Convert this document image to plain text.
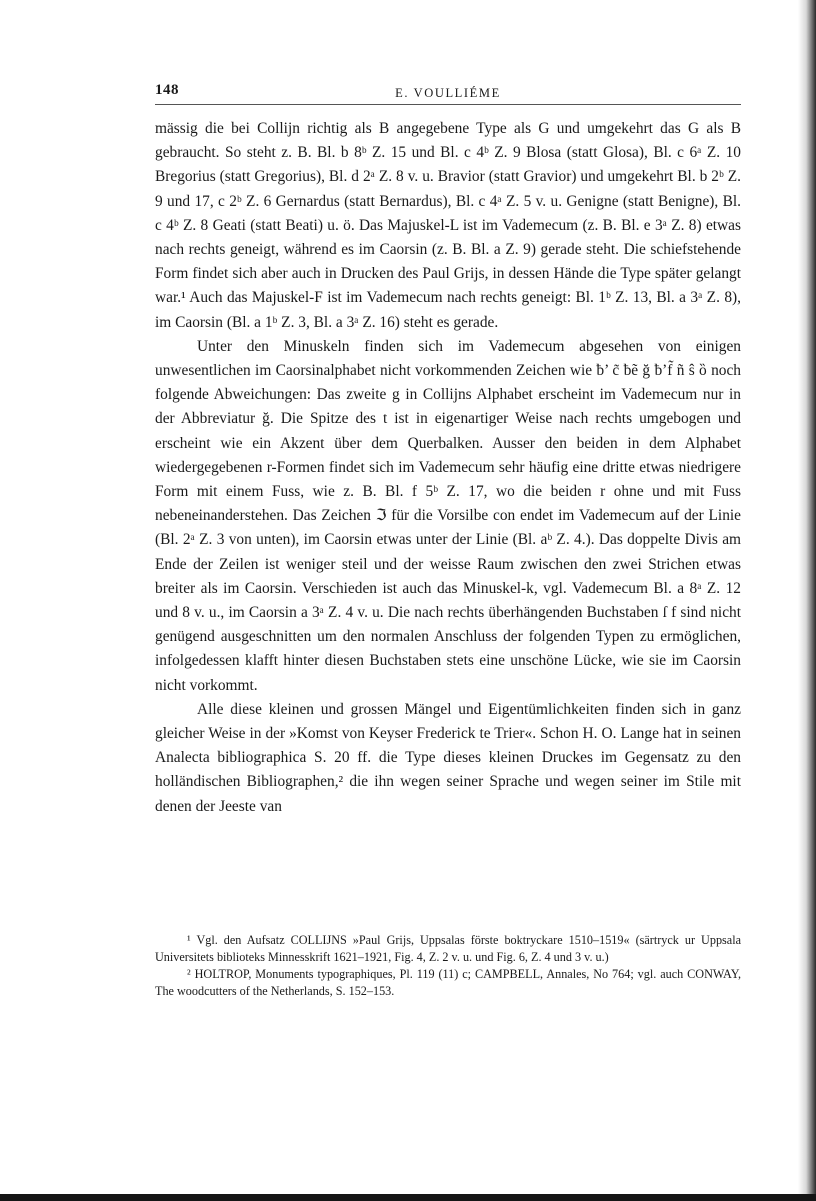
148	E. VOULLIÉME

mässig die bei Collijn richtig als B angegebene Type als G und umgekehrt das G als B gebraucht. So steht z. B. Bl. b 8ᵇ Z. 15 und Bl. c 4ᵇ Z. 9 Blosa (statt Glosa), Bl. c 6ᵃ Z. 10 Bregorius (statt Gregorius), Bl. d 2ᵃ Z. 8 v. u. Bravior (statt Gravior) und umgekehrt Bl. b 2ᵇ Z. 9 und 17, c 2ᵇ Z. 6 Gernardus (statt Bernardus), Bl. c 4ᵃ Z. 5 v. u. Genigne (statt Benigne), Bl. c 4ᵇ Z. 8 Geati (statt Beati) u. ö. Das Majuskel-L ist im Vademecum (z. B. Bl. e 3ᵃ Z. 8) etwas nach rechts geneigt, während es im Caorsin (z. B. Bl. a Z. 9) gerade steht. Die schiefstehende Form findet sich aber auch in Drucken des Paul Grijs, in dessen Hände die Type später gelangt war.¹ Auch das Majuskel-F ist im Vademecum nach rechts geneigt: Bl. 1ᵇ Z. 13, Bl. a 3ᵃ Z. 8), im Caorsin (Bl. a 1ᵇ Z. 3, Bl. a 3ᵃ Z. 16) steht es gerade.

Unter den Minuskeln finden sich im Vademecum abgesehen von einigen unwesentlichen im Caorsinalphabet nicht vorkommenden Zeichen wie ƀ’ c̃ ƀẽ ğ ƀ’f̃ ñ ŝ ȍ noch folgende Abweichungen: Das zweite g in Collijns Alphabet erscheint im Vademecum nur in der Abbreviatur ğ. Die Spitze des t ist in eigenartiger Weise nach rechts umgebogen und erscheint wie ein Akzent über dem Querbalken. Ausser den beiden in dem Alphabet wiedergegebenen r-Formen findet sich im Vademecum sehr häufig eine dritte etwas niedrigere Form mit einem Fuss, wie z. B. Bl. f 5ᵇ Z. 17, wo die beiden r ohne und mit Fuss nebeneinanderstehen. Das Zeichen ℑ für die Vorsilbe con endet im Vademecum auf der Linie (Bl. 2ᵃ Z. 3 von unten), im Caorsin etwas unter der Linie (Bl. aᵇ Z. 4.). Das doppelte Divis am Ende der Zeilen ist weniger steil und der weisse Raum zwischen den zwei Strichen etwas breiter als im Caorsin. Verschieden ist auch das Minuskel-k, vgl. Vademecum Bl. a 8ᵃ Z. 12 und 8 v. u., im Caorsin a 3ᵃ Z. 4 v. u. Die nach rechts überhängenden Buchstaben ſ f sind nicht genügend ausgeschnitten um den normalen Anschluss der folgenden Typen zu ermöglichen, infolgedessen klafft hinter diesen Buchstaben stets eine unschöne Lücke, wie sie im Caorsin nicht vorkommt.

Alle diese kleinen und grossen Mängel und Eigentümlichkeiten finden sich in ganz gleicher Weise in der »Komst von Keyser Frederick te Trier«. Schon H. O. Lange hat in seinen Analecta bibliographica S. 20 ff. die Type dieses kleinen Druckes im Gegensatz zu den holländischen Bibliographen,² die ihn wegen seiner Sprache und wegen seiner im Stile mit denen der Jeeste van

¹ Vgl. den Aufsatz COLLIJNS »Paul Grijs, Uppsalas förste boktryckare 1510–1519« (särtryck ur Uppsala Universitets biblioteks Minnesskrift 1621–1921, Fig. 4, Z. 2 v. u. und Fig. 6, Z. 4 und 3 v. u.)

² HOLTROP, Monuments typographiques, Pl. 119 (11) c; CAMPBELL, Annales, No 764; vgl. auch CONWAY, The woodcutters of the Netherlands, S. 152–153.
